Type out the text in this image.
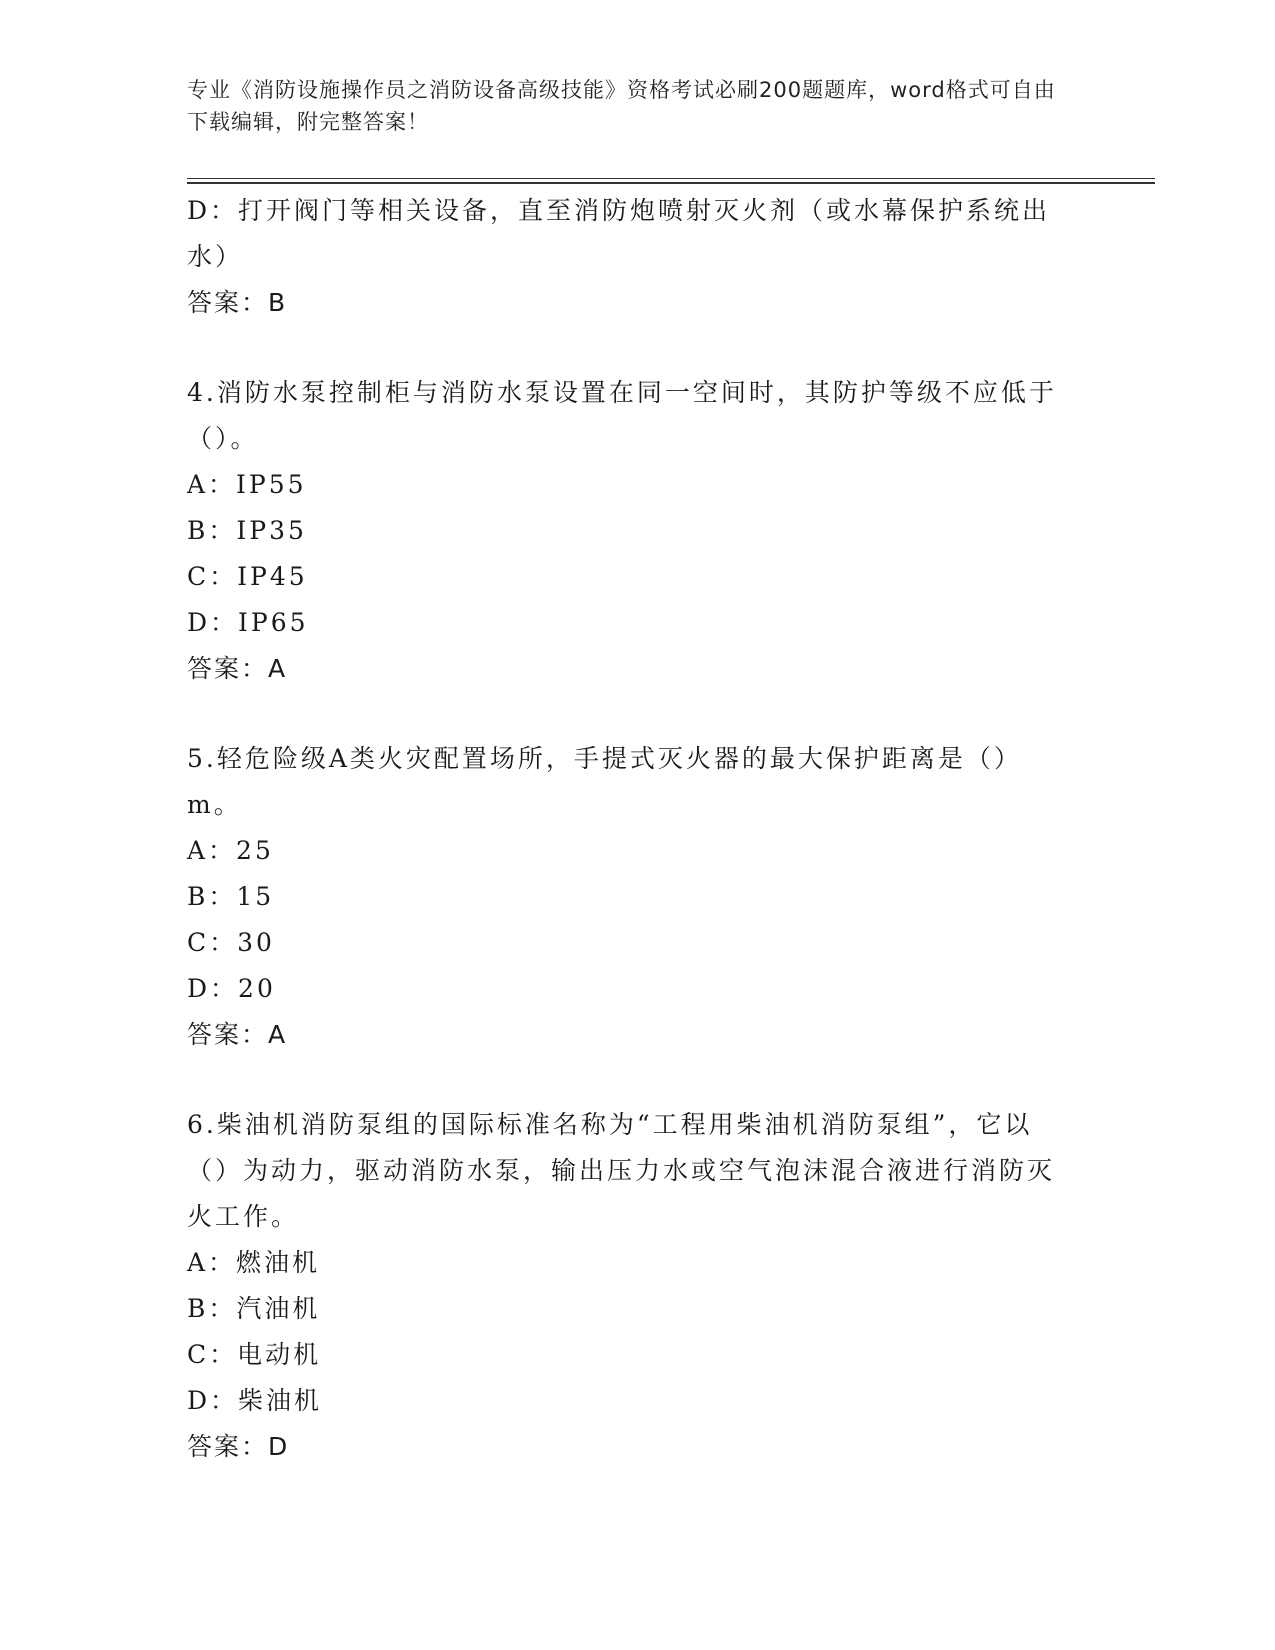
专业《消防设施操作员之消防设备高级技能》资格考试必刷200题题库，word格式可自由下载编辑，附完整答案！
D：打开阀门等相关设备，直至消防炮喷射灭火剂（或水幕保护系统出水）
答案：B
4.消防水泵控制柜与消防水泵设置在同一空间时，其防护等级不应低于（）。
A：IP55
B：IP35
C：IP45
D：IP65
答案：A
5.轻危险级A类火灾配置场所，手提式灭火器的最大保护距离是（）m。
A：25
B：15
C：30
D：20
答案：A
6.柴油机消防泵组的国际标准名称为“工程用柴油机消防泵组”，它以（）为动力，驱动消防水泵，输出压力水或空气泡沫混合液进行消防灭火工作。
A：燃油机
B：汽油机
C：电动机
D：柴油机
答案：D
